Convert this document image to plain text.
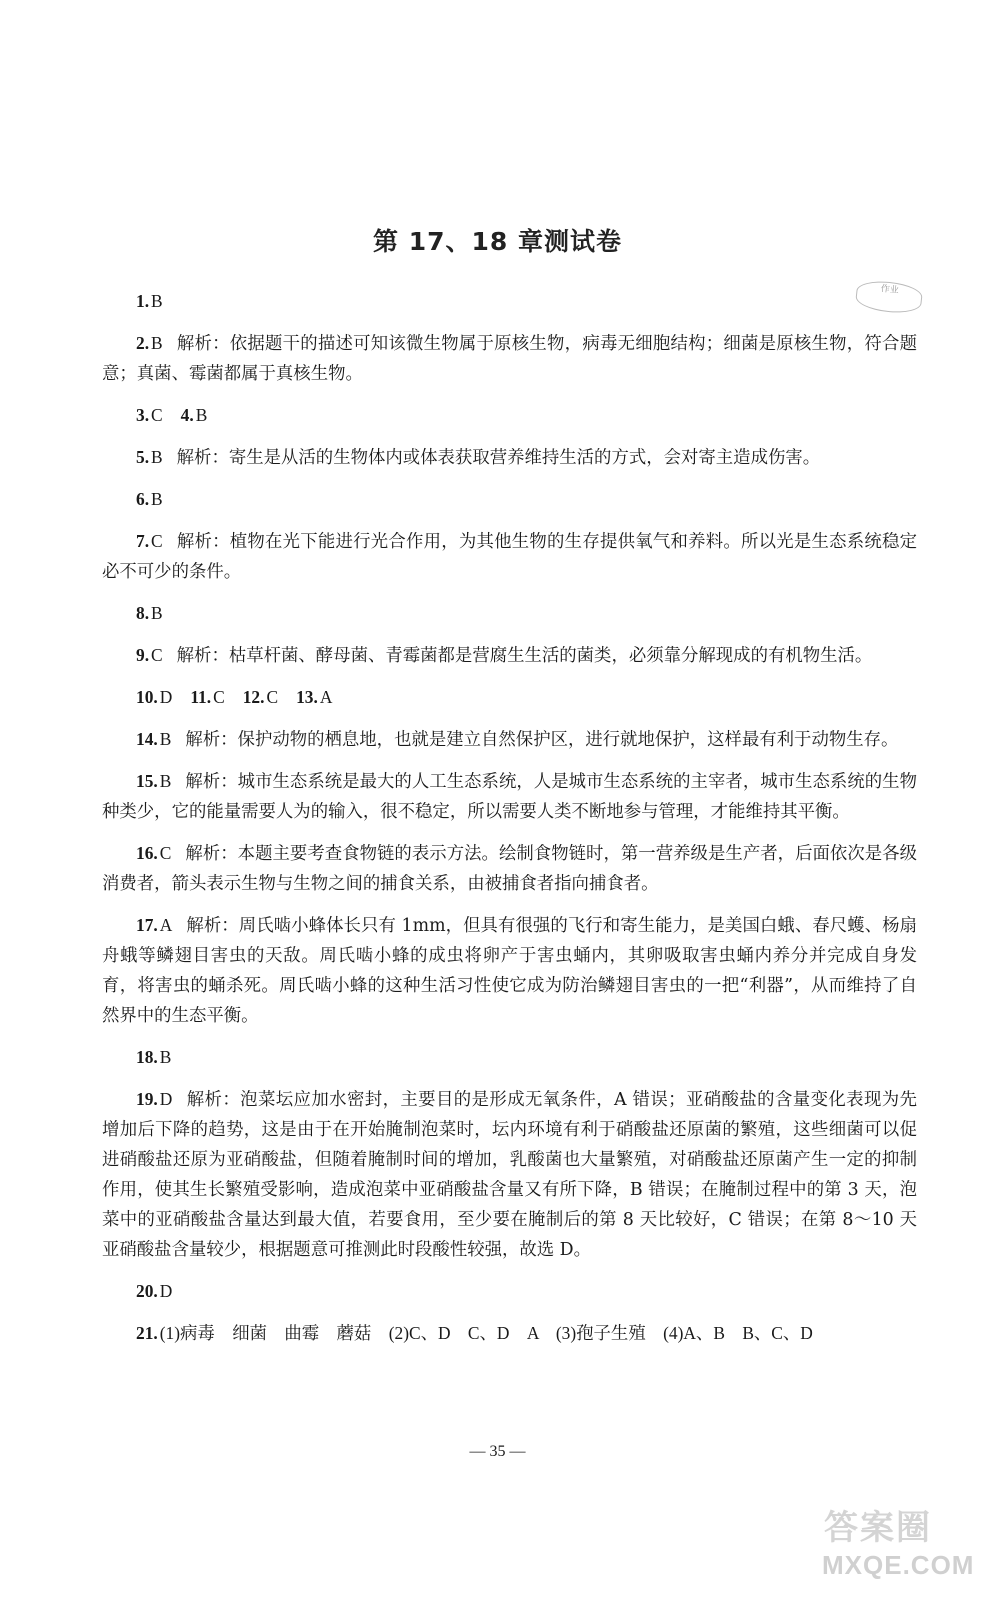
第 17、18 章测试卷
作业
1. B
2. B 解析：依据题干的描述可知该微生物属于原核生物，病毒无细胞结构；细菌是原核生物，符合题意；真菌、霉菌都属于真核生物。
3. C 4. B
5. B 解析：寄生是从活的生物体内或体表获取营养维持生活的方式，会对寄主造成伤害。
6. B
7. C 解析：植物在光下能进行光合作用，为其他生物的生存提供氧气和养料。所以光是生态系统稳定必不可少的条件。
8. B
9. C 解析：枯草杆菌、酵母菌、青霉菌都是营腐生生活的菌类，必须靠分解现成的有机物生活。
10. D 11. C 12. C 13. A
14. B 解析：保护动物的栖息地，也就是建立自然保护区，进行就地保护，这样最有利于动物生存。
15. B 解析：城市生态系统是最大的人工生态系统，人是城市生态系统的主宰者，城市生态系统的生物种类少，它的能量需要人为的输入，很不稳定，所以需要人类不断地参与管理，才能维持其平衡。
16. C 解析：本题主要考查食物链的表示方法。绘制食物链时，第一营养级是生产者，后面依次是各级消费者，箭头表示生物与生物之间的捕食关系，由被捕食者指向捕食者。
17. A 解析：周氏啮小蜂体长只有 1mm，但具有很强的飞行和寄生能力，是美国白蛾、春尺蠖、杨扇舟蛾等鳞翅目害虫的天敌。周氏啮小蜂的成虫将卵产于害虫蛹内，其卵吸取害虫蛹内养分并完成自身发育，将害虫的蛹杀死。周氏啮小蜂的这种生活习性使它成为防治鳞翅目害虫的一把“利器”，从而维持了自然界中的生态平衡。
18. B
19. D 解析：泡菜坛应加水密封，主要目的是形成无氧条件，A 错误；亚硝酸盐的含量变化表现为先增加后下降的趋势，这是由于在开始腌制泡菜时，坛内环境有利于硝酸盐还原菌的繁殖，这些细菌可以促进硝酸盐还原为亚硝酸盐，但随着腌制时间的增加，乳酸菌也大量繁殖，对硝酸盐还原菌产生一定的抑制作用，使其生长繁殖受影响，造成泡菜中亚硝酸盐含量又有所下降，B 错误；在腌制过程中的第 3 天，泡菜中的亚硝酸盐含量达到最大值，若要食用，至少要在腌制后的第 8 天比较好，C 错误；在第 8～10 天亚硝酸盐含量较少，根据题意可推测此时段酸性较强，故选 D。
20. D
21. (1)病毒　细菌　曲霉　蘑菇　(2)C、D　C、D　A　(3)孢子生殖　(4)A、B　B、C、D
— 35 —
答案圈
MXQE.COM
